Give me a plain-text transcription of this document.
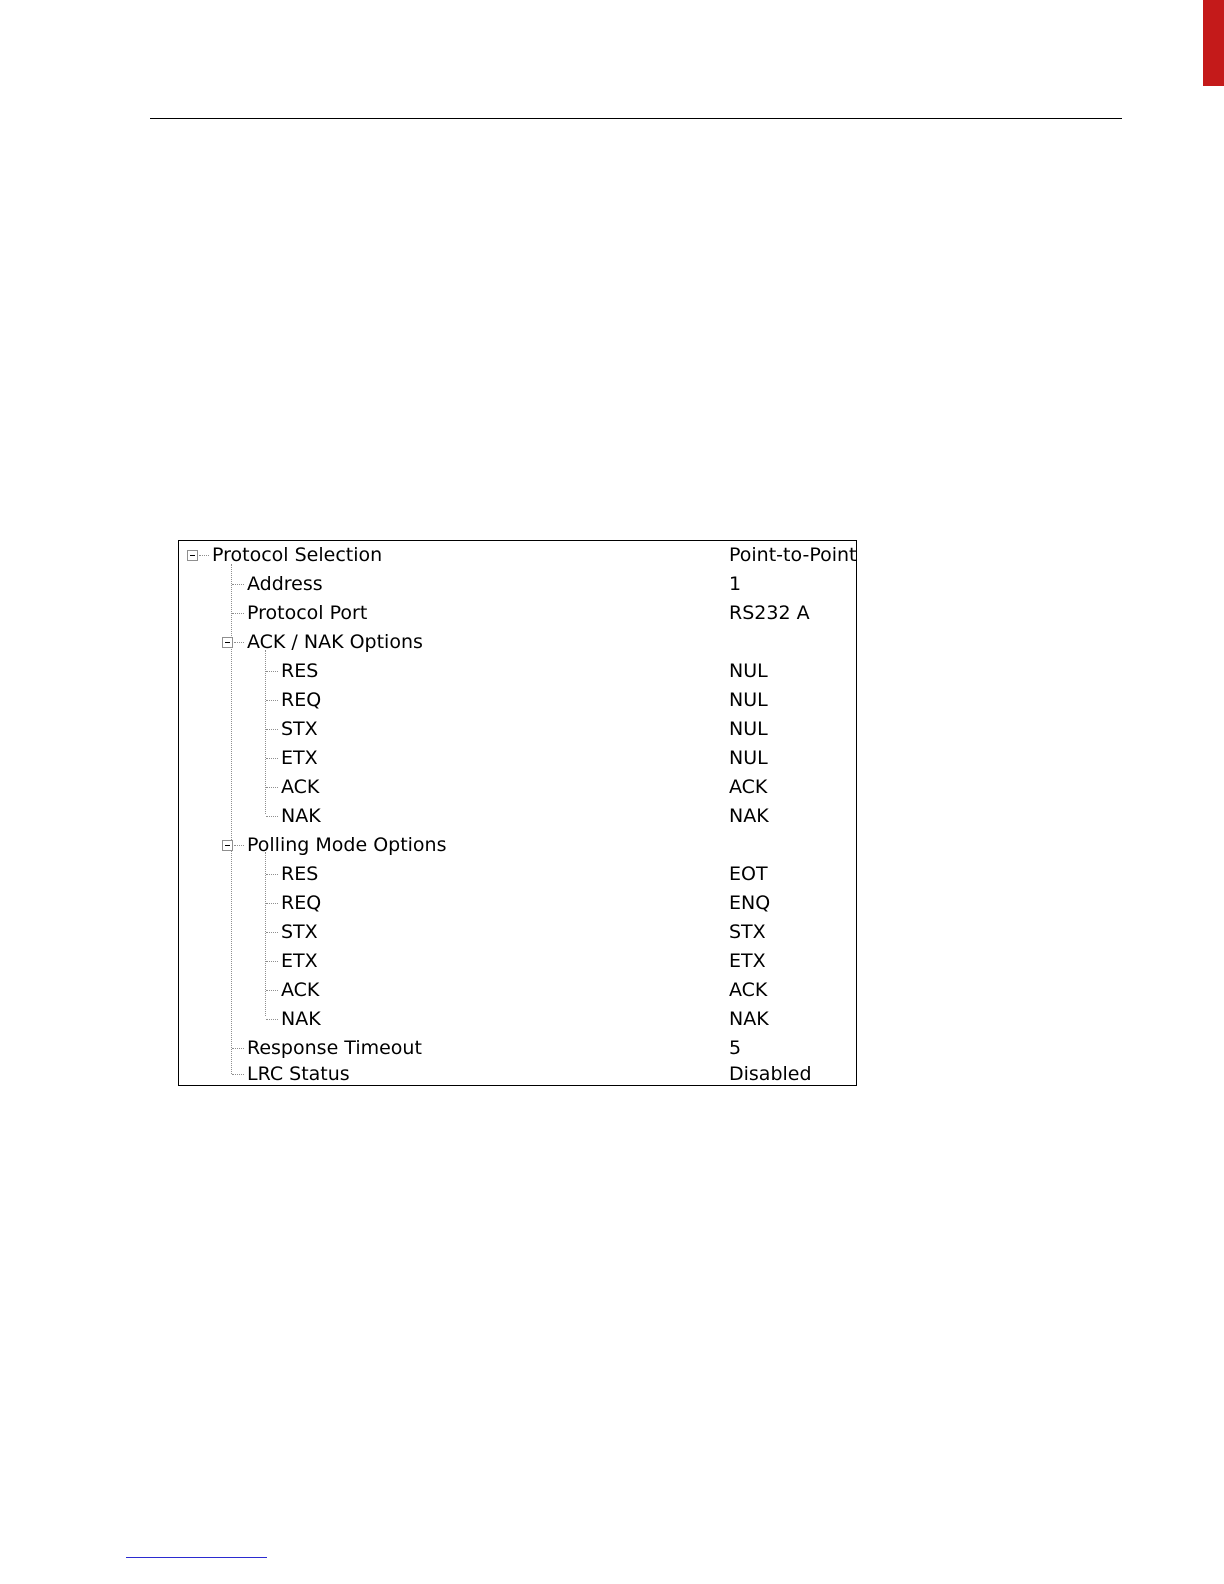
Protocol Selection	Point-to-Point
Address	1
Protocol Port	RS232 A
ACK / NAK Options
RES	NUL
REQ	NUL
STX	NUL
ETX	NUL
ACK	ACK
NAK	NAK
Polling Mode Options
RES	EOT
REQ	ENQ
STX	STX
ETX	ETX
ACK	ACK
NAK	NAK
Response Timeout	5
LRC Status	Disabled
